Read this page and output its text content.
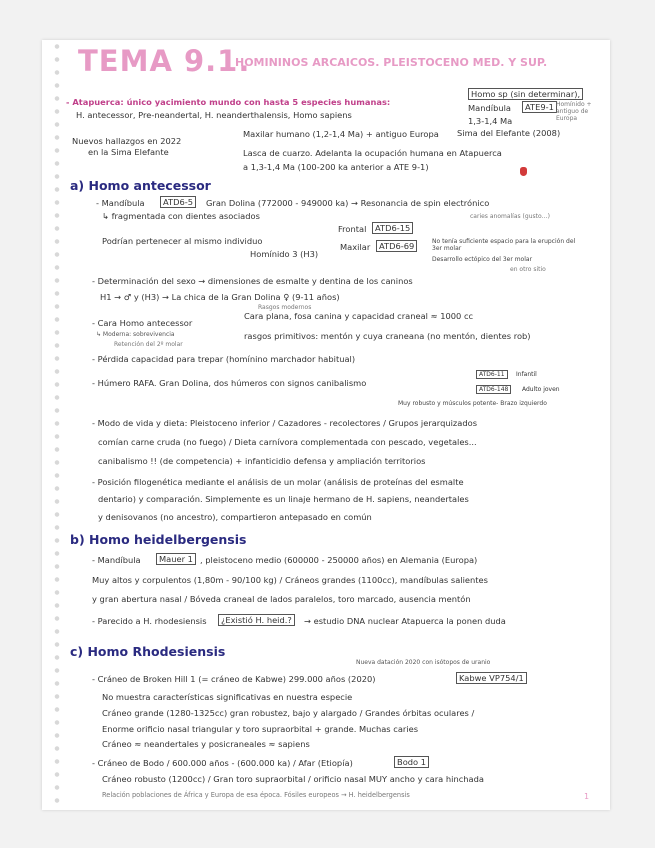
TEMA 9.1.
HOMININOS ARCAICOS. PLEISTOCENO MED. Y SUP.
- Atapuerca: único yacimiento mundo con hasta 5 especies humanas:
Homo sp (sin determinar),
H. antecessor, Pre-neandertal, H. neanderthalensis, Homo sapiens
Mandíbula	ATE9-1 Homínido + antiguo de Europa
1,3-1,4 Ma
Sima del Elefante (2008)
Nuevos hallazgos en 2022
en la Sima Elefante
Maxilar humano (1,2-1,4 Ma) + antiguo Europa
Lasca de cuarzo. Adelanta la ocupación humana en Atapuerca
a 1,3-1,4 Ma (100-200 ka anterior a ATE 9-1)
a) Homo antecessor
- Mandíbula	ATD6-5	Gran Dolina (772000 - 949000 ka) → Resonancia de spin electrónico
↳ fragmentada con dientes asociados	caries anomalías (gusto…)
Frontal	ATD6-15
Podrían pertenecer al mismo individuo
Homínido 3 (H3)
Maxilar	ATD6-69	No tenía suficiente espacio para la erupción del 3er molar
Desarrollo ectópico del 3er molar
en otro sitio
- Determinación del sexo → dimensiones de esmalte y dentina de los caninos
H1 → ♂ y (H3) → La chica de la Gran Dolina ♀ (9-11 años)
Rasgos modernos
- Cara Homo antecessor
Cara plana, fosa canina y capacidad craneal ≈ 1000 cc
rasgos primitivos: mentón y cuya craneana (no mentón, dientes rob)
↳ Moderna: sobrevivencia
Retención del 2º molar
- Pérdida capacidad para trepar (homínino marchador habitual)
- Húmero RAFA. Gran Dolina, dos húmeros con signos canibalismo
ATD6-11	Infantil
ATD6-148	Adulto joven
Muy robusto y músculos potente- Brazo izquierdo
- Modo de vida y dieta: Pleistoceno inferior / Cazadores - recolectores / Grupos jerarquizados
comían carne cruda (no fuego) / Dieta carnívora complementada con pescado, vegetales...
canibalismo !! (de competencia) + infanticidio defensa y ampliación territorios
- Posición filogenética mediante el análisis de un molar (análisis de proteínas del esmalte
dentario) y comparación. Simplemente es un linaje hermano de H. sapiens, neandertales
y denisovanos (no ancestro), compartieron antepasado en común
b) Homo heidelbergensis
- Mandíbula	Mauer 1 , pleistoceno medio (600000 - 250000 años) en Alemania (Europa)
Muy altos y corpulentos (1,80m - 90/100 kg) / Cráneos grandes (1100cc), mandíbulas salientes
y gran abertura nasal / Bóveda craneal de lados paralelos, toro marcado, ausencia mentón
- Parecido a H. rhodesiensis	¿Existió H. heid.?	→ estudio DNA nuclear Atapuerca la ponen duda
c) Homo Rhodesiensis
Nueva datación 2020 con isótopos de uranio
- Cráneo de Broken Hill 1 (= cráneo de Kabwe) 299.000 años (2020)	Kabwe VP754/1
No muestra características significativas en nuestra especie
Cráneo grande (1280-1325cc) gran robustez, bajo y alargado / Grandes órbitas oculares /
Enorme orificio nasal triangular y toro supraorbital + grande. Muchas caries
Cráneo ≈ neandertales y posicraneales ≈ sapiens
- Cráneo de Bodo / 600.000 años - (600.000 ka) / Afar (Etiopía)	Bodo 1
Cráneo robusto (1200cc) / Gran toro supraorbital / orificio nasal MUY ancho y cara hinchada
Relación poblaciones de África y Europa de esa época. Fósiles europeos → H. heidelbergensis	1
